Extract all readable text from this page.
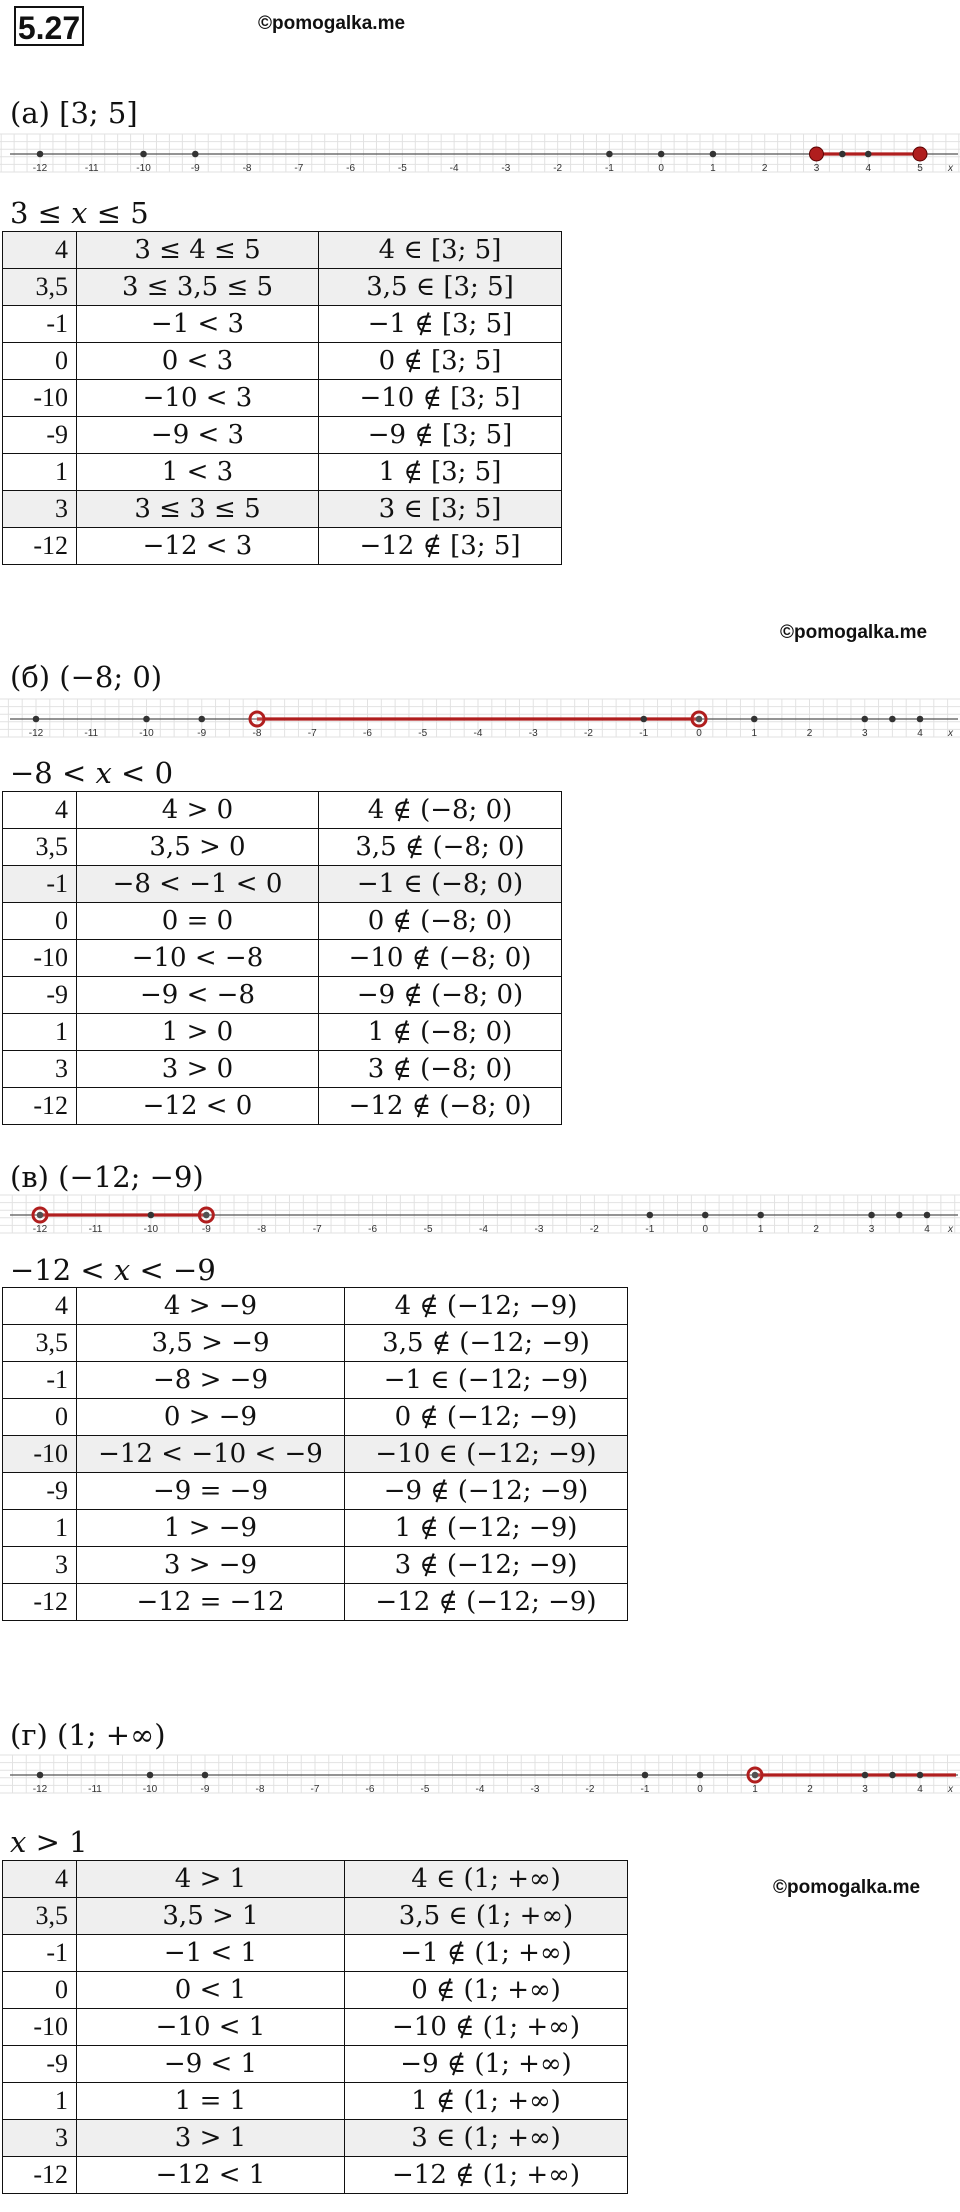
5.27	©pomogalka.me
(а) [3; 5]
-12	-11	-10	-9	-8	-7	-6	-5	-4	-3	-2	-1	0	1	2	3	4	5	x
3 ≤ 𝑥 ≤ 5
4	3 ≤ 4 ≤ 5	4 ∈ [3; 5]
3,5	3 ≤ 3,5 ≤ 5	3,5 ∈ [3; 5]
-1	−1 < 3	−1 ∉ [3; 5]
0	0 < 3	0 ∉ [3; 5]
-10	−10 < 3	−10 ∉ [3; 5]
-9	−9 < 3	−9 ∉ [3; 5]
1	1 < 3	1 ∉ [3; 5]
3	3 ≤ 3 ≤ 5	3 ∈ [3; 5]
-12	−12 < 3	−12 ∉ [3; 5]
©pomogalka.me
(б) (−8; 0)
-12	-11	-10	-9	-8	-7	-6	-5	-4	-3	-2	-1	0	1	2	3	4	x
−8 < 𝑥 < 0
4	4 > 0	4 ∉ (−8; 0)
3,5	3,5 > 0	3,5 ∉ (−8; 0)
-1	−8 < −1 < 0	−1 ∈ (−8; 0)
0	0 = 0	0 ∉ (−8; 0)
-10	−10 < −8	−10 ∉ (−8; 0)
-9	−9 < −8	−9 ∉ (−8; 0)
1	1 > 0	1 ∉ (−8; 0)
3	3 > 0	3 ∉ (−8; 0)
-12	−12 < 0	−12 ∉ (−8; 0)
(в) (−12; −9)
-12	-11	-10	-9	-8	-7	-6	-5	-4	-3	-2	-1	0	1	2	3	4 x
−12 < 𝑥 < −9
4	4 > −9	4 ∉ (−12; −9)
3,5	3,5 > −9	3,5 ∉ (−12; −9)
-1	−8 > −9	−1 ∈ (−12; −9)
0	0 > −9	0 ∉ (−12; −9)
-10	−12 < −10 < −9	−10 ∈ (−12; −9)
-9	−9 = −9	−9 ∉ (−12; −9)
1	1 > −9	1 ∉ (−12; −9)
3	3 > −9	3 ∉ (−12; −9)
-12	−12 = −12	−12 ∉ (−12; −9)
(г) (1; +∞)
-12	-11	-10	-9	-8	-7	-6	-5	-4	-3	-2	-1	0	1	2	3	4	x
𝑥 > 1
4	4 > 1	4 ∈ (1; +∞)
3,5	3,5 > 1	3,5 ∈ (1; +∞)
-1	−1 < 1	−1 ∉ (1; +∞)
0	0 < 1	0 ∉ (1; +∞)
-10	−10 < 1	−10 ∉ (1; +∞)
-9	−9 < 1	−9 ∉ (1; +∞)
1	1 = 1	1 ∉ (1; +∞)
3	3 > 1	3 ∈ (1; +∞)
-12	−12 < 1	−12 ∉ (1; +∞)
©pomogalka.me
